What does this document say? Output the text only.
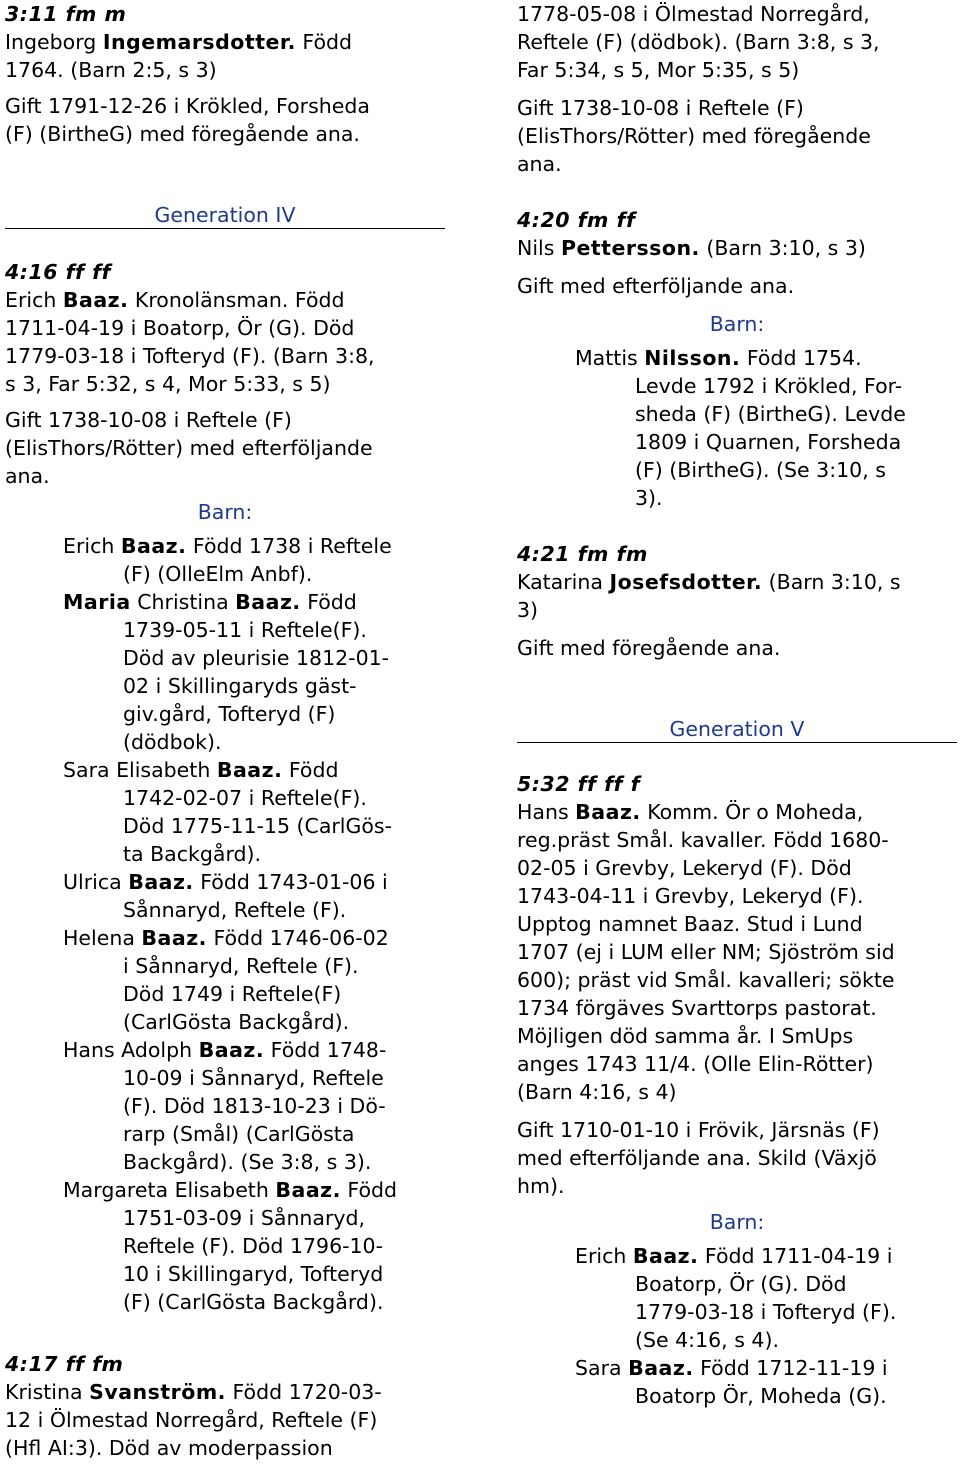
3:11 fm m

Ingeborg Ingemarsdotter. Född

1764. (Barn 2:5, s 3)

Gift 1791-12-26 i Krökled, Forsheda

(F) (BirtheG) med föregående ana.

Generation IV

4:16 ff ff

Erich Baaz. Kronolänsman. Född

1711-04-19 i Boatorp, Ör (G). Död

1779-03-18 i Tofteryd (F). (Barn 3:8,

s 3, Far 5:32, s 4, Mor 5:33, s 5)

Gift 1738-10-08 i Reftele (F)

(ElisThors/Rötter) med efterföljande

ana.

Barn:

Erich Baaz. Född 1738 i Reftele
(F) (OlleElm Anbf).
Maria Christina Baaz. Född
1739-05-11 i Reftele(F).
Död av pleurisie 1812-01-
02 i Skillingaryds gäst-
giv.gård, Tofteryd (F)
(dödbok).
Sara Elisabeth Baaz. Född
1742-02-07 i Reftele(F).
Död 1775-11-15 (CarlGös-
ta Backgård).
Ulrica Baaz. Född 1743-01-06 i
Sånnaryd, Reftele (F).
Helena Baaz. Född 1746-06-02
i Sånnaryd, Reftele (F).
Död 1749 i Reftele(F)
(CarlGösta Backgård).
Hans Adolph Baaz. Född 1748-
10-09 i Sånnaryd, Reftele
(F). Död 1813-10-23 i Dö-
rarp (Smål) (CarlGösta
Backgård). (Se 3:8, s 3).
Margareta Elisabeth Baaz. Född
1751-03-09 i Sånnaryd,
Reftele (F). Död 1796-10-
10 i Skillingaryd, Tofteryd
(F) (CarlGösta Backgård).

4:17 ff fm

Kristina Svanström. Född 1720-03-

12 i Ölmestad Norregård, Reftele (F)

(Hfl AI:3). Död av moderpassion

1778-05-08 i Ölmestad Norregård,

Reftele (F) (dödbok). (Barn 3:8, s 3,

Far 5:34, s 5, Mor 5:35, s 5)

Gift 1738-10-08 i Reftele (F)

(ElisThors/Rötter) med föregående

ana.

4:20 fm ff

Nils Pettersson. (Barn 3:10, s 3)

Gift med efterföljande ana.

Barn:

Mattis Nilsson. Född 1754.
Levde 1792 i Krökled, For-
sheda (F) (BirtheG). Levde
1809 i Quarnen, Forsheda
(F) (BirtheG). (Se 3:10, s
3).

4:21 fm fm

Katarina Josefsdotter. (Barn 3:10, s

3)

Gift med föregående ana.

Generation V

5:32 ff ff f

Hans Baaz. Komm. Ör o Moheda,

reg.präst Smål. kavaller. Född 1680-

02-05 i Grevby, Lekeryd (F). Död

1743-04-11 i Grevby, Lekeryd (F).

Upptog namnet Baaz. Stud i Lund

1707 (ej i LUM eller NM; Sjöström sid

600); präst vid Smål. kavalleri; sökte

1734 förgäves Svarttorps pastorat.

Möjligen död samma år. I SmUps

anges 1743 11/4. (Olle Elin-Rötter)

(Barn 4:16, s 4)

Gift 1710-01-10 i Frövik, Järsnäs (F)

med efterföljande ana. Skild (Växjö

hm).

Barn:

Erich Baaz. Född 1711-04-19 i
Boatorp, Ör (G). Död
1779-03-18 i Tofteryd (F).
(Se 4:16, s 4).
Sara Baaz. Född 1712-11-19 i
Boatorp Ör, Moheda (G).
